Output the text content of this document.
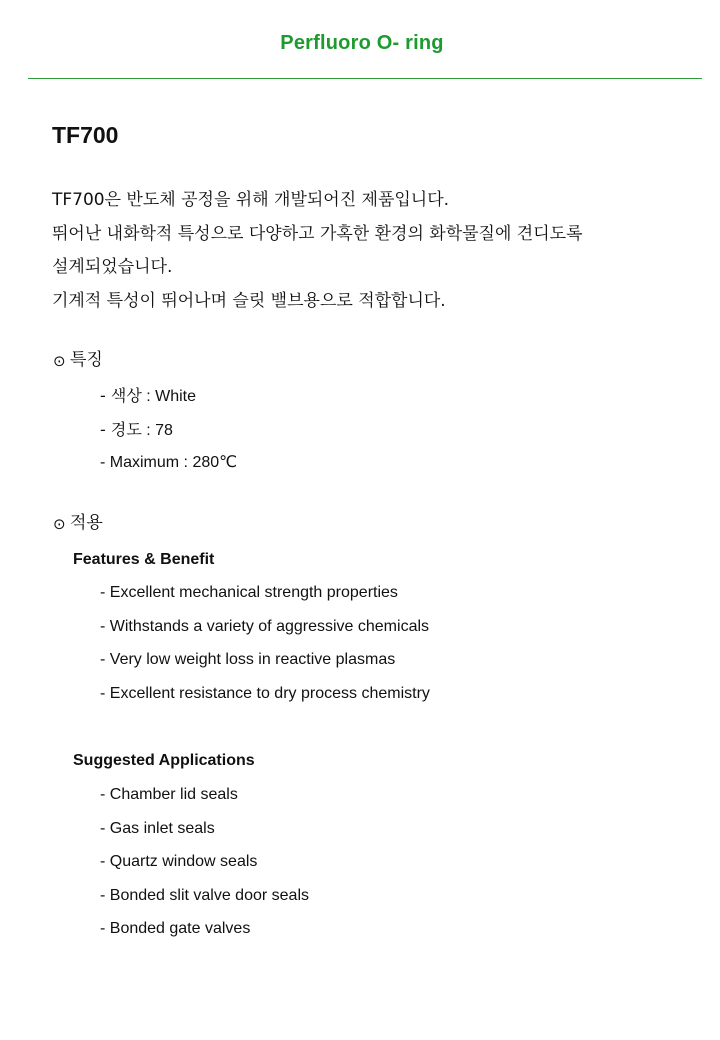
Perfluoro O- ring
TF700
TF700은 반도체 공정을 위해 개발되어진 제품입니다.
뛰어난 내화학적 특성으로 다양하고 가혹한 환경의 화학물질에 견디도록
설계되었습니다.
기계적 특성이 뛰어나며 슬릿 밸브용으로 적합합니다.
⊙ 특징
- 색상 : White
- 경도 : 78
- Maximum : 280℃
⊙ 적용
Features & Benefit
- Excellent mechanical strength properties
- Withstands a variety of aggressive chemicals
- Very low weight loss in reactive plasmas
- Excellent resistance to dry process chemistry
Suggested Applications
- Chamber lid seals
- Gas inlet seals
- Quartz window seals
- Bonded slit valve door seals
- Bonded gate valves
